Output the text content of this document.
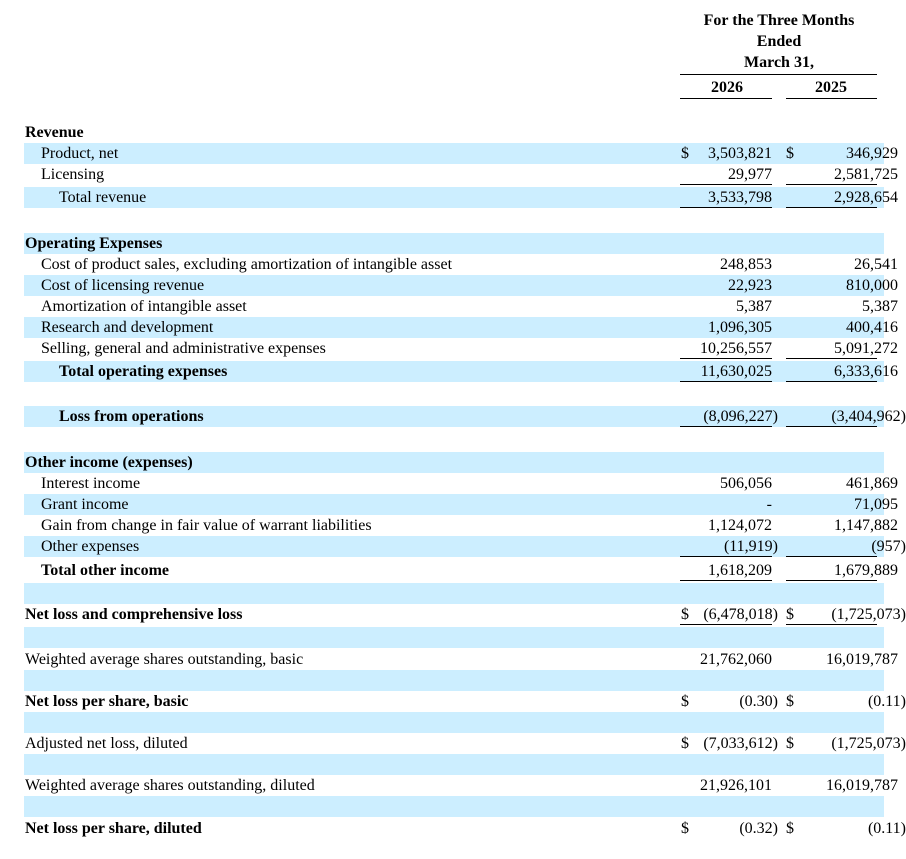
For the Three Months
Ended
March 31,
2026	2025
Revenue
Product, net	$	3,503,821 $	346,929
Licensing	29,977	2,581,725
Total revenue	3,533,798	2,928,654
Operating Expenses
Cost of product sales, excluding amortization of intangible asset	248,853	26,541
Cost of licensing revenue	22,923	810,000
Amortization of intangible asset	5,387	5,387
Research and development	1,096,305	400,416
Selling, general and administrative expenses	10,256,557	5,091,272
Total operating expenses	11,630,025	6,333,616
Loss from operations	(8,096,227)	(3,404,962)
Other income (expenses)
Interest income	506,056	461,869
Grant income	-	71,095
Gain from change in fair value of warrant liabilities	1,124,072	1,147,882
Other expenses	(11,919)	(957)
Total other income	1,618,209	1,679,889
Net loss and comprehensive loss	$ (6,478,018) $	(1,725,073)
Weighted average shares outstanding, basic	21,762,060	16,019,787
Net loss per share, basic	$	(0.30) $	(0.11)
Adjusted net loss, diluted	$ (7,033,612) $	(1,725,073)
Weighted average shares outstanding, diluted	21,926,101	16,019,787
Net loss per share, diluted	$	(0.32) $	(0.11)
